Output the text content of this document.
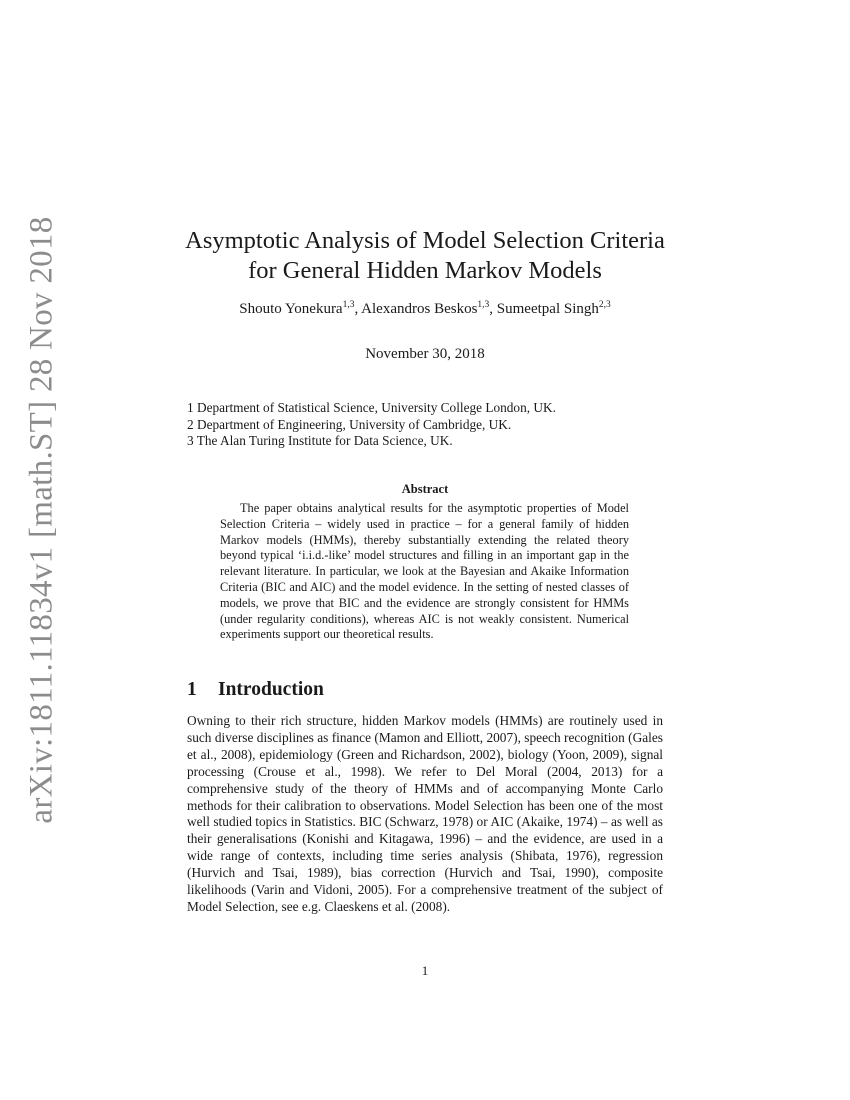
arXiv:1811.11834v1 [math.ST] 28 Nov 2018	Asymptotic Analysis of Model Selection Criteria
for General Hidden Markov Models
Shouto Yonekura$^{1,3}$, Alexandros Beskos$^{1,3}$, Sumeetpal Singh$^{2,3}$
November 30, 2018
1 Department of Statistical Science, University College London, UK.
2 Department of Engineering, University of Cambridge, UK.
3 The Alan Turing Institute for Data Science, UK.
Abstract
The paper obtains analytical results for the asymptotic properties of Model Selection Criteria – widely used in practice – for a general family of hidden Markov models (HMMs), thereby substantially extending the related theory beyond typical ‘i.i.d.-like’ model structures and filling in an important gap in the relevant literature. In particular, we look at the Bayesian and Akaike Information Criteria (BIC and AIC) and the model evidence. In the setting of nested classes of models, we prove that BIC and the evidence are strongly consistent for HMMs (under regularity conditions), whereas AIC is not weakly consistent. Numerical experiments support our theoretical results.
1 Introduction
Owning to their rich structure, hidden Markov models (HMMs) are routinely used in such diverse disciplines as finance (Mamon and Elliott, 2007), speech recognition (Gales et al., 2008), epidemiology (Green and Richardson, 2002), biology (Yoon, 2009), signal processing (Crouse et al., 1998). We refer to Del Moral (2004, 2013) for a comprehensive study of the theory of HMMs and of accompanying Monte Carlo methods for their calibration to observations. Model Selection has been one of the most well studied topics in Statistics. BIC (Schwarz, 1978) or AIC (Akaike, 1974) – as well as their generalisations (Konishi and Kitagawa, 1996) – and the evidence, are used in a wide range of contexts, including time series analysis (Shibata, 1976), regression (Hurvich and Tsai, 1989), bias correction (Hurvich and Tsai, 1990), composite likelihoods (Varin and Vidoni, 2005). For a comprehensive treatment of the subject of Model Selection, see e.g. Claeskens et al. (2008).
1
